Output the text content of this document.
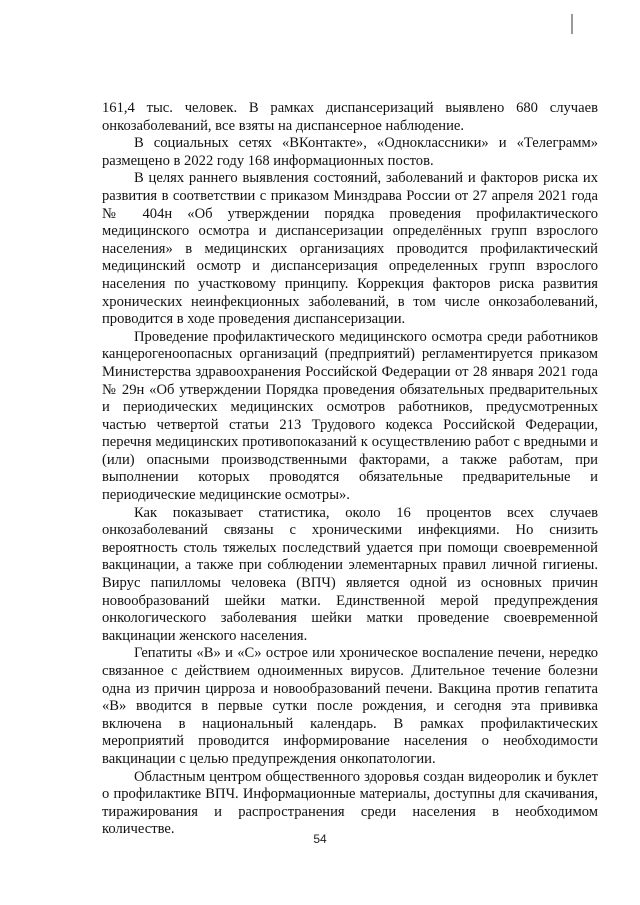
161,4 тыс. человек. В рамках диспансеризаций выявлено 680 случаев онкозаболеваний, все взяты на диспансерное наблюдение.

В социальных сетях «ВКонтакте», «Одноклассники» и «Телеграмм» размещено в 2022 году 168 информационных постов.

В целях раннего выявления состояний, заболеваний и факторов риска их развития в соответствии с приказом Минздрава России от 27 апреля 2021 года № 404н «Об утверждении порядка проведения профилактического медицинского осмотра и диспансеризации определённых групп взрослого населения» в медицинских организациях проводится профилактический медицинский осмотр и диспансеризация определенных групп взрослого населения по участковому принципу. Коррекция факторов риска развития хронических неинфекционных заболеваний, в том числе онкозаболеваний, проводится в ходе проведения диспансеризации.

Проведение профилактического медицинского осмотра среди работников канцерогеноопасных организаций (предприятий) регламентируется приказом Министерства здравоохранения Российской Федерации от 28 января 2021 года № 29н «Об утверждении Порядка проведения обязательных предварительных и периодических медицинских осмотров работников, предусмотренных частью четвертой статьи 213 Трудового кодекса Российской Федерации, перечня медицинских противопоказаний к осуществлению работ с вредными и (или) опасными производственными факторами, а также работам, при выполнении которых проводятся обязательные предварительные и периодические медицинские осмотры».

Как показывает статистика, около 16 процентов всех случаев онкозаболеваний связаны с хроническими инфекциями. Но снизить вероятность столь тяжелых последствий удается при помощи своевременной вакцинации, а также при соблюдении элементарных правил личной гигиены. Вирус папилломы человека (ВПЧ) является одной из основных причин новообразований шейки матки. Единственной мерой предупреждения онкологического заболевания шейки матки проведение своевременной вакцинации женского населения.

Гепатиты «В» и «С» острое или хроническое воспаление печени, нередко связанное с действием одноименных вирусов. Длительное течение болезни одна из причин цирроза и новообразований печени. Вакцина против гепатита «В» вводится в первые сутки после рождения, и сегодня эта прививка включена в национальный календарь. В рамках профилактических мероприятий проводится информирование населения о необходимости вакцинации с целью предупреждения онкопатологии.

Областным центром общественного здоровья создан видеоролик и буклет о профилактике ВПЧ. Информационные материалы, доступны для скачивания, тиражирования и распространения среди населения в необходимом количестве.

54
